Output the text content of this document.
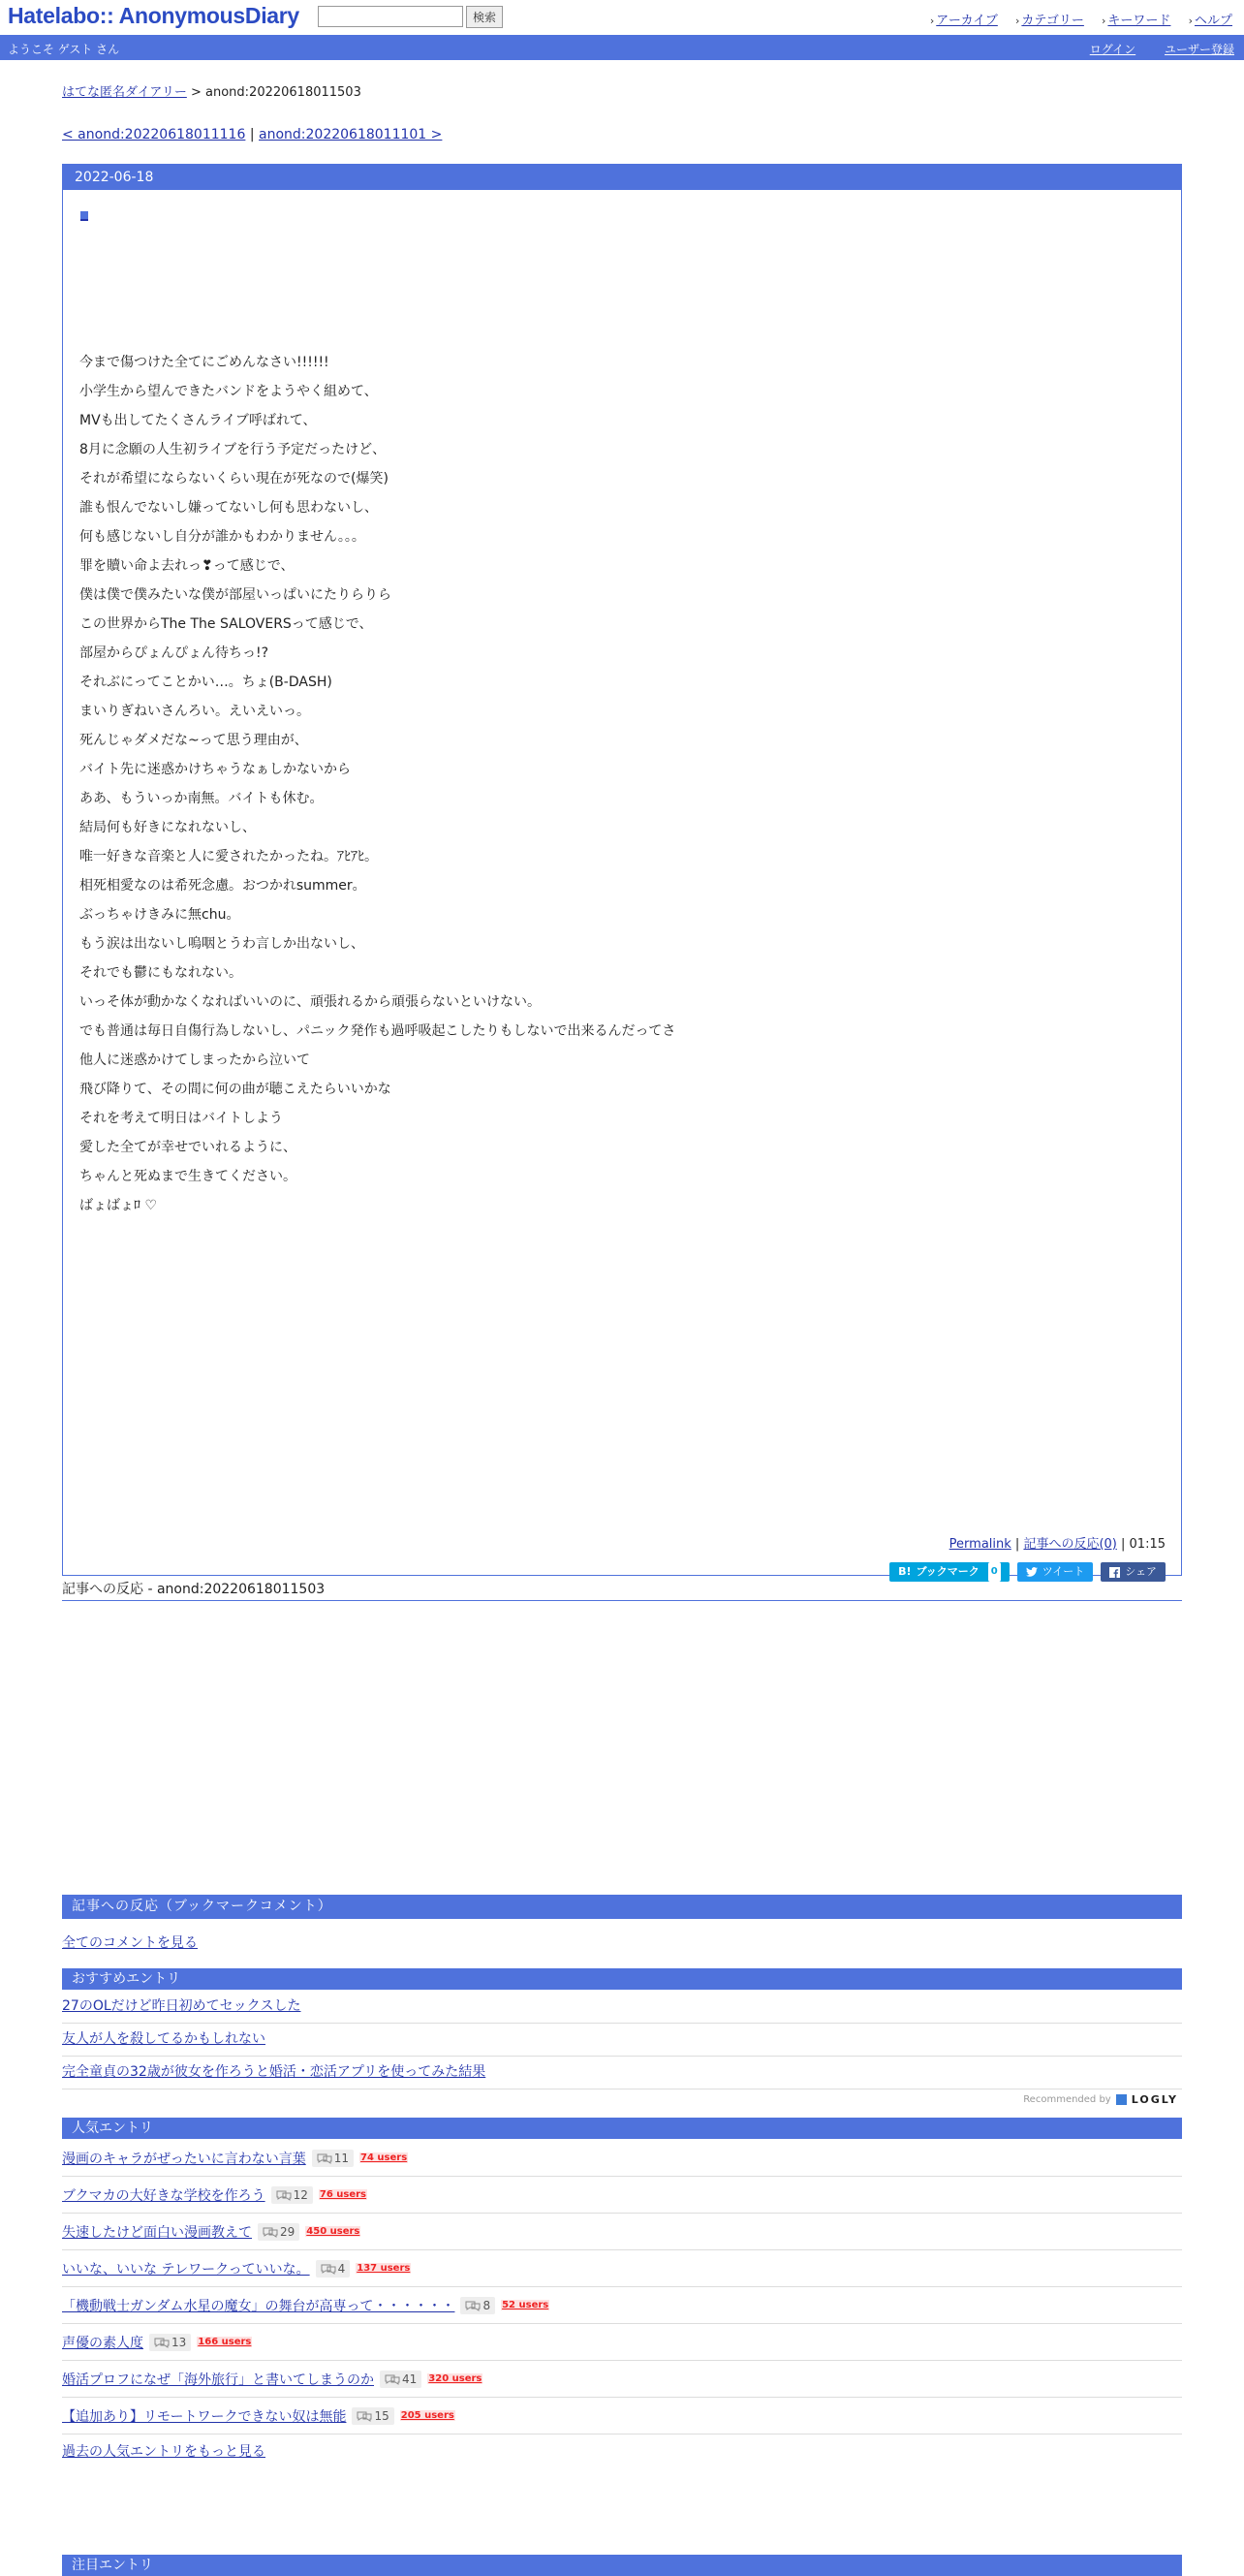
Hatelabo:: AnonymousDiary	検索	› アーカイブ › カテゴリー › キーワード › ヘルプ
ようこそ ゲスト さん	ログイン ユーザー登録
はてな匿名ダイアリー > anond:20220618011503
< anond:20220618011116 | anond:20220618011101 >
2022-06-18
今まで傷つけた全てにごめんなさい!!!!!!
小学生から望んできたバンドをようやく組めて、
MVも出してたくさんライブ呼ばれて、
8月に念願の人生初ライブを行う予定だったけど、
それが希望にならないくらい現在が死なので(爆笑)
誰も恨んでないし嫌ってないし何も思わないし、
何も感じないし自分が誰かもわかりません。。。
罪を贖い命よ去れっ❣って感じで、
僕は僕で僕みたいな僕が部屋いっぱいにたりらりら
この世界からThe The SALOVERSって感じで、
部屋からぴょんぴょん待ちっ!?
それぶにってことかい…。ちょ(B-DASH)
まいりぎねいさんろい。えいえいっ。
死んじゃダメだな~って思う理由が、
バイト先に迷惑かけちゃうなぁしかないから
ああ、もういっか南無。バイトも休む。
結局何も好きになれないし、
唯一好きな音楽と人に愛されたかったね。ｱﾋｱﾋ。
相死相愛なのは希死念慮。おつかれsummer。
ぶっちゃけきみに無chu。
もう涙は出ないし嗚咽とうわ言しか出ないし、
それでも鬱にもなれない。
いっそ体が動かなくなればいいのに、頑張れるから頑張らないといけない。
でも普通は毎日自傷行為しないし、パニック発作も過呼吸起こしたりもしないで出来るんだってさ
他人に迷惑かけてしまったから泣いて
飛び降りて、その間に何の曲が聴こえたらいいかな
それを考えて明日はバイトしよう
愛した全てが幸せでいれるように、
ちゃんと死ぬまで生きてください。
ばょばょﾛ ♡
Permalink | 記事への反応(0) | 01:15
B! ブックマーク	0	ツイート	シェア
記事への反応 - anond:20220618011503
記事への反応（ブックマークコメント）
全てのコメントを見る
おすすめエントリ
27のOLだけど昨日初めてセックスした
友人が人を殺してるかもしれない
完全童貞の32歳が彼女を作ろうと婚活・恋活アプリを使ってみた結果
Recommended by LOGLY
人気エントリ
漫画のキャラがぜったいに言わない言葉 11 74 users
ブクマカの大好きな学校を作ろう 12 76 users
失速したけど面白い漫画教えて 29 450 users
いいな、いいな テレワークっていいな。 4 137 users
「機動戦士ガンダム水星の魔女」の舞台が高専って・・・・・・ 8 52 users
声優の素人度 13 166 users
婚活プロフになぜ「海外旅行」と書いてしまうのか 41 320 users
【追加あり】リモートワークできない奴は無能 15 205 users
過去の人気エントリをもっと見る
注目エントリ
